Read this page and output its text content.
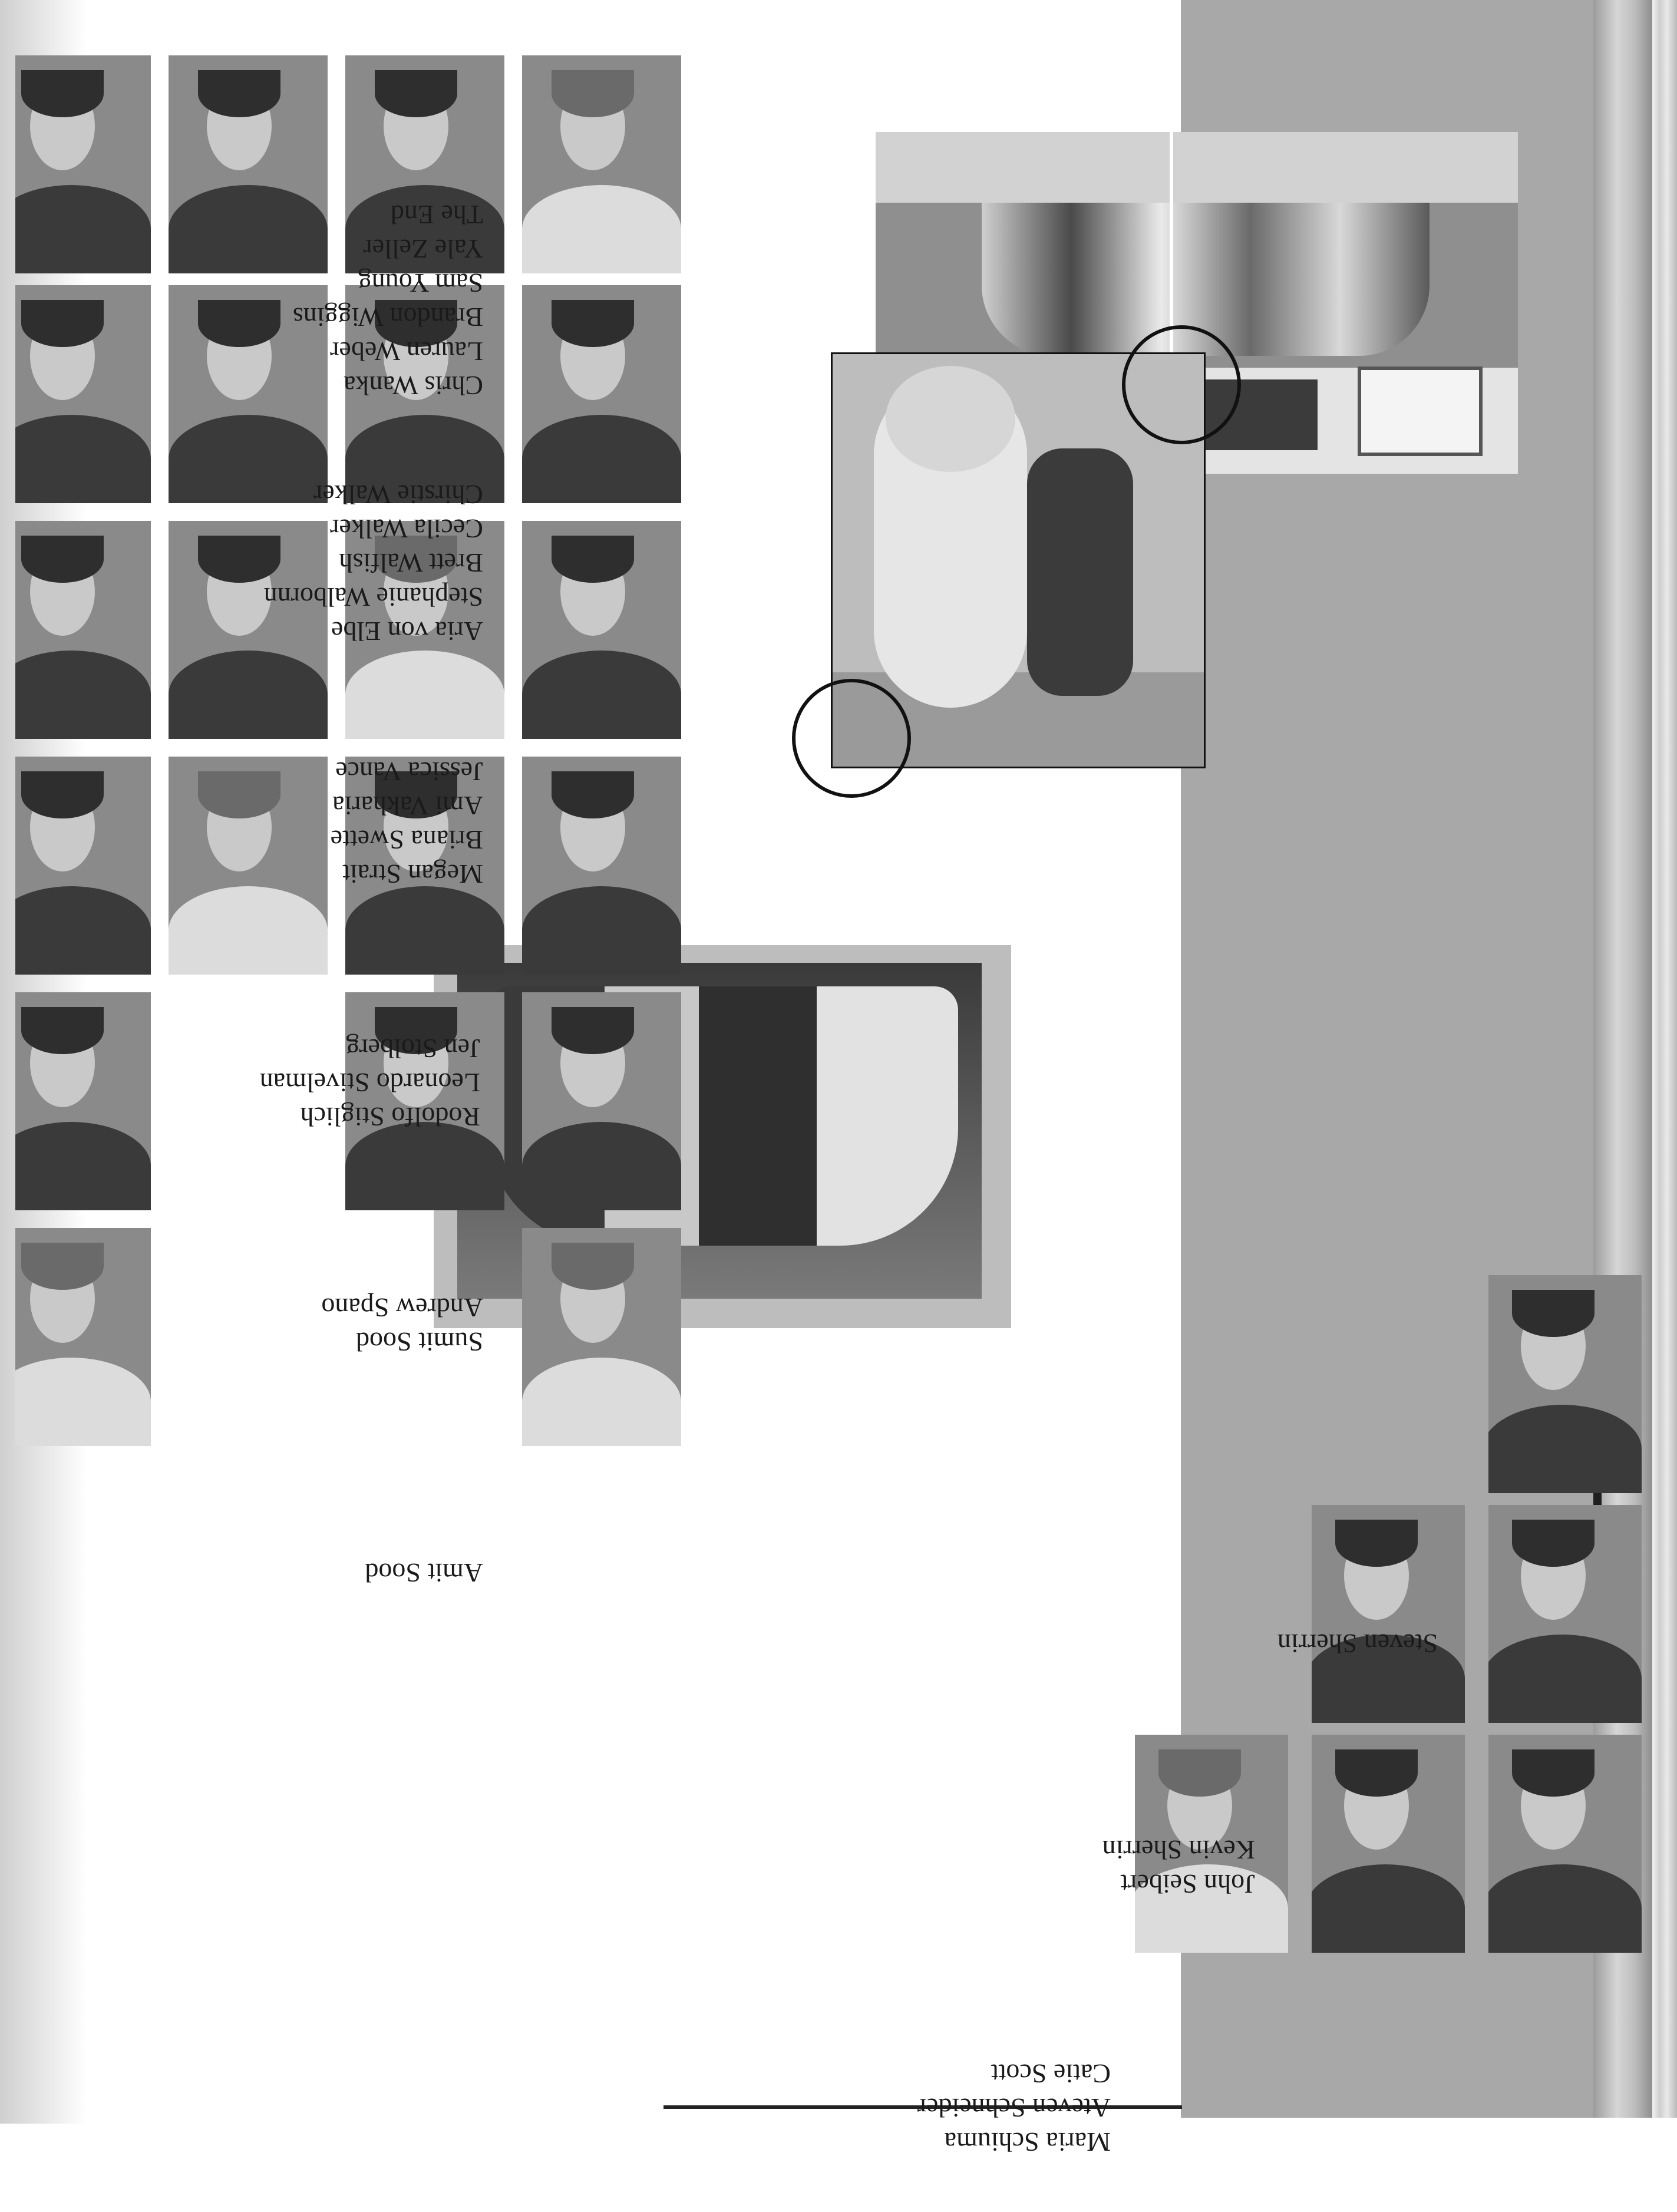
Maria Schiuma
Ateven Schneider
Catie Scott
John Seibert
Kevin Sherrin
Steven Sherrin
Amit Sood
Sumit Sood
Andrew Spano
Rodolfo Stiglich
Leonardo Stivelman
Jen Stolberg
Megan Strait
Briana Swette
Ami Vakharia
Jessica Vance
Aria von Elbe
Stephanie Walbornn
Brett Walfish
Cecila Walker
Chirstie Walker
Chris Wanka
Lauren Weber
Brandon Wiggins
Sam Young
Yale Zeller
The End
